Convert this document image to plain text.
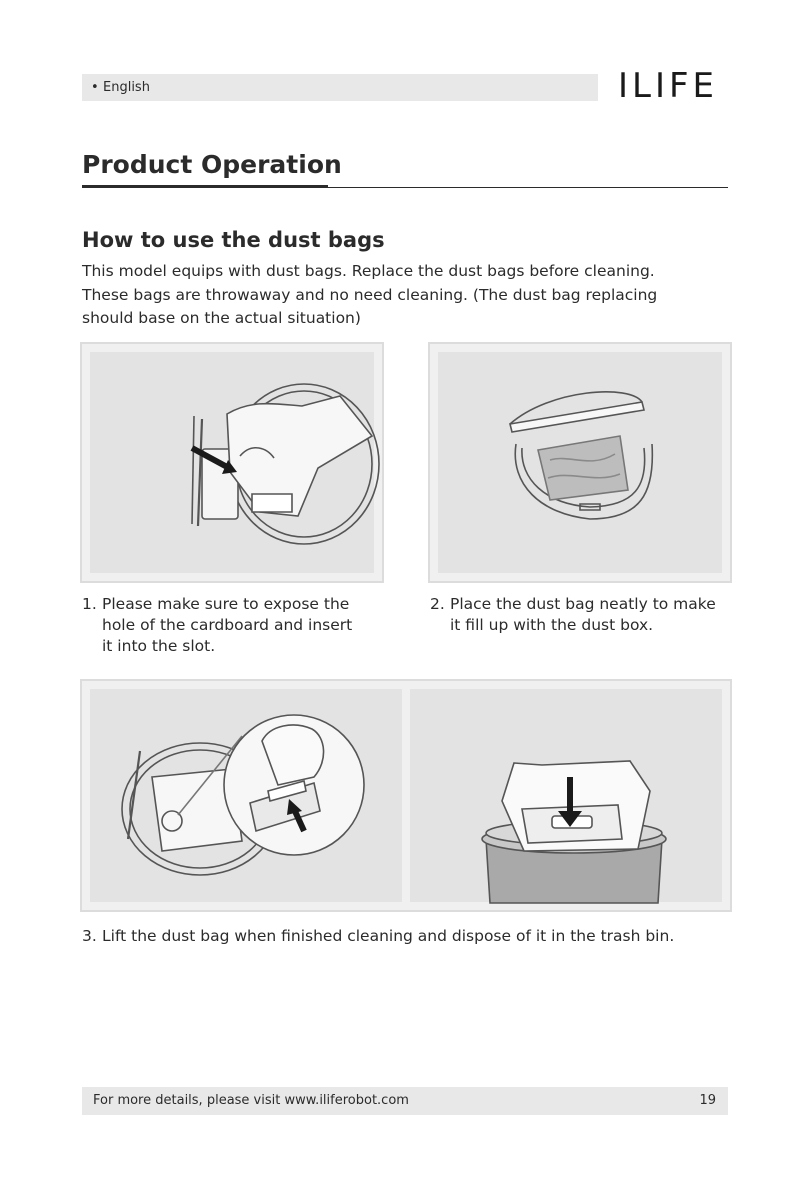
• English	ILIFE
Product Operation
How to use the dust bags
This model equips with dust bags. Replace the dust bags before cleaning.
These bags are throwaway and no need cleaning. (The dust bag replacing
should base on the actual situation)
1. Please make sure to expose the
hole of the cardboard and insert
it into the slot.
2. Place the dust bag neatly to make
it fill up with the dust box.
3. Lift the dust bag when finished cleaning and dispose of it in the trash bin.
For more details, please visit www.iliferobot.com	19
